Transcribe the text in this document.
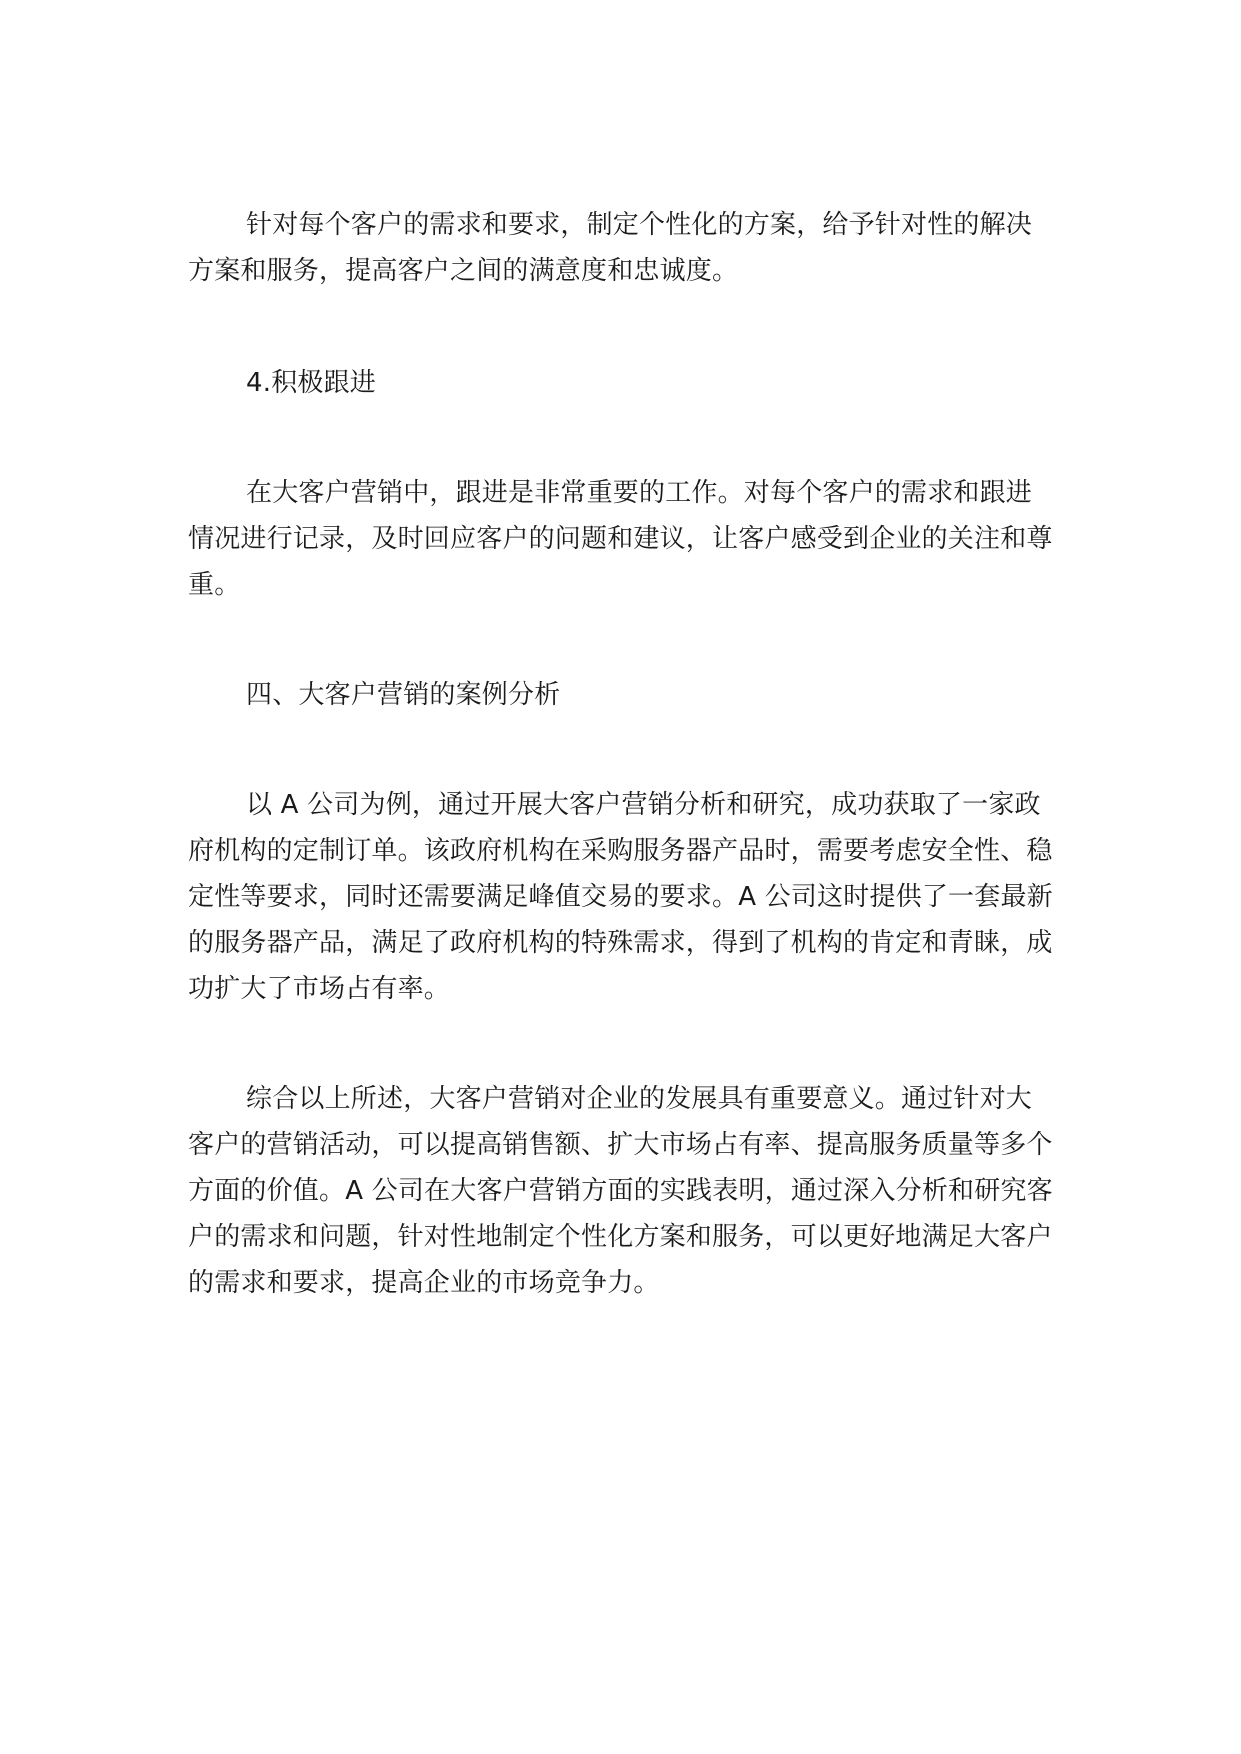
针对每个客户的需求和要求，制定个性化的方案，给予针对性的解决方案和服务，提高客户之间的满意度和忠诚度。

4.积极跟进

在大客户营销中，跟进是非常重要的工作。对每个客户的需求和跟进情况进行记录，及时回应客户的问题和建议，让客户感受到企业的关注和尊重。

四、大客户营销的案例分析

以 A 公司为例，通过开展大客户营销分析和研究，成功获取了一家政府机构的定制订单。该政府机构在采购服务器产品时，需要考虑安全性、稳定性等要求，同时还需要满足峰值交易的要求。A 公司这时提供了一套最新的服务器产品，满足了政府机构的特殊需求，得到了机构的肯定和青睐，成功扩大了市场占有率。

综合以上所述，大客户营销对企业的发展具有重要意义。通过针对大客户的营销活动，可以提高销售额、扩大市场占有率、提高服务质量等多个方面的价值。A 公司在大客户营销方面的实践表明，通过深入分析和研究客户的需求和问题，针对性地制定个性化方案和服务，可以更好地满足大客户的需求和要求，提高企业的市场竞争力。
